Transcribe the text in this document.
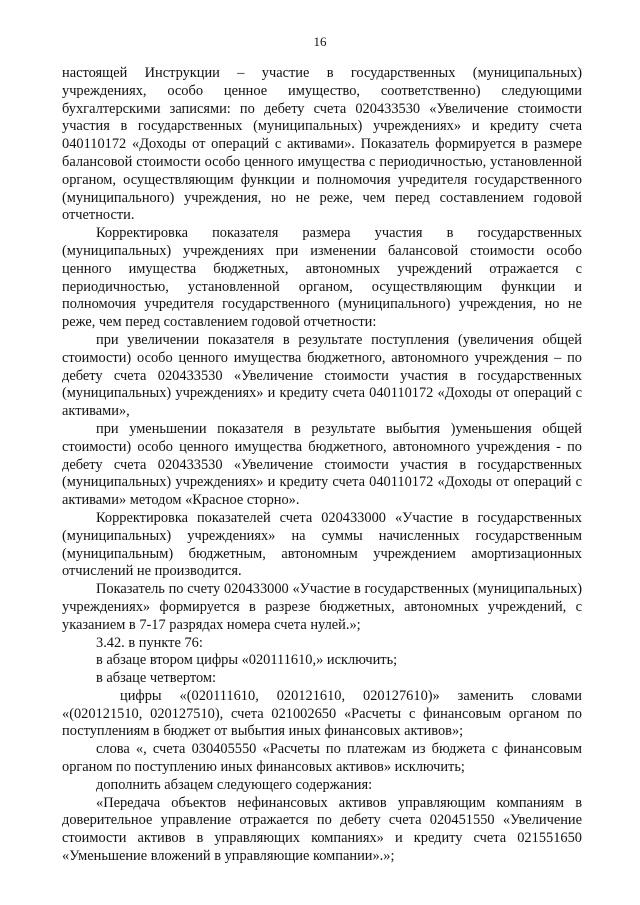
16

настоящей Инструкции – участие в государственных (муниципальных) учреждениях, особо ценное имущество, соответственно) следующими бухгалтерскими записями: по дебету счета 020433530 «Увеличение стоимости участия в государственных (муниципальных) учреждениях» и кредиту счета 040110172 «Доходы от операций с активами». Показатель формируется в размере балансовой стоимости особо ценного имущества с периодичностью, установленной органом, осуществляющим функции и полномочия учредителя государственного (муниципального) учреждения, но не реже, чем перед составлением годовой отчетности.

Корректировка показателя размера участия в государственных (муниципальных) учреждениях при изменении балансовой стоимости особо ценного имущества бюджетных, автономных учреждений отражается с периодичностью, установленной органом, осуществляющим функции и полномочия учредителя государственного (муниципального) учреждения, но не реже, чем перед составлением годовой отчетности:

при увеличении показателя в результате поступления (увеличения общей стоимости) особо ценного имущества бюджетного, автономного учреждения – по дебету счета 020433530 «Увеличение стоимости участия в государственных (муниципальных) учреждениях» и кредиту счета 040110172 «Доходы от операций с активами»,

при уменьшении показателя в результате выбытия )уменьшения общей стоимости) особо ценного имущества бюджетного, автономного учреждения - по дебету счета 020433530 «Увеличение стоимости участия в государственных (муниципальных) учреждениях» и кредиту счета 040110172 «Доходы от операций с активами» методом «Красное сторно».

Корректировка показателей счета 020433000 «Участие в государственных (муниципальных) учреждениях» на суммы начисленных государственным (муниципальным) бюджетным, автономным учреждением амортизационных отчислений не производится.

Показатель по счету 020433000 «Участие в государственных (муниципальных) учреждениях» формируется в разрезе бюджетных, автономных учреждений, с указанием в 7-17 разрядах номера счета нулей.»;

3.42. в пункте 76:

в абзаце втором цифры «020111610,» исключить;

в абзаце четвертом:

цифры «(020111610, 020121610, 020127610)» заменить словами «(020121510, 020127510), счета 021002650 «Расчеты с финансовым органом по поступлениям в бюджет от выбытия иных финансовых активов»;

слова «, счета 030405550 «Расчеты по платежам из бюджета с финансовым органом по поступлению иных финансовых активов» исключить;

дополнить абзацем следующего содержания:

«Передача объектов нефинансовых активов управляющим компаниям в доверительное управление отражается по дебету счета 020451550 «Увеличение стоимости активов в управляющих компаниях» и кредиту счета 021551650 «Уменьшение вложений в управляющие компании».»;
